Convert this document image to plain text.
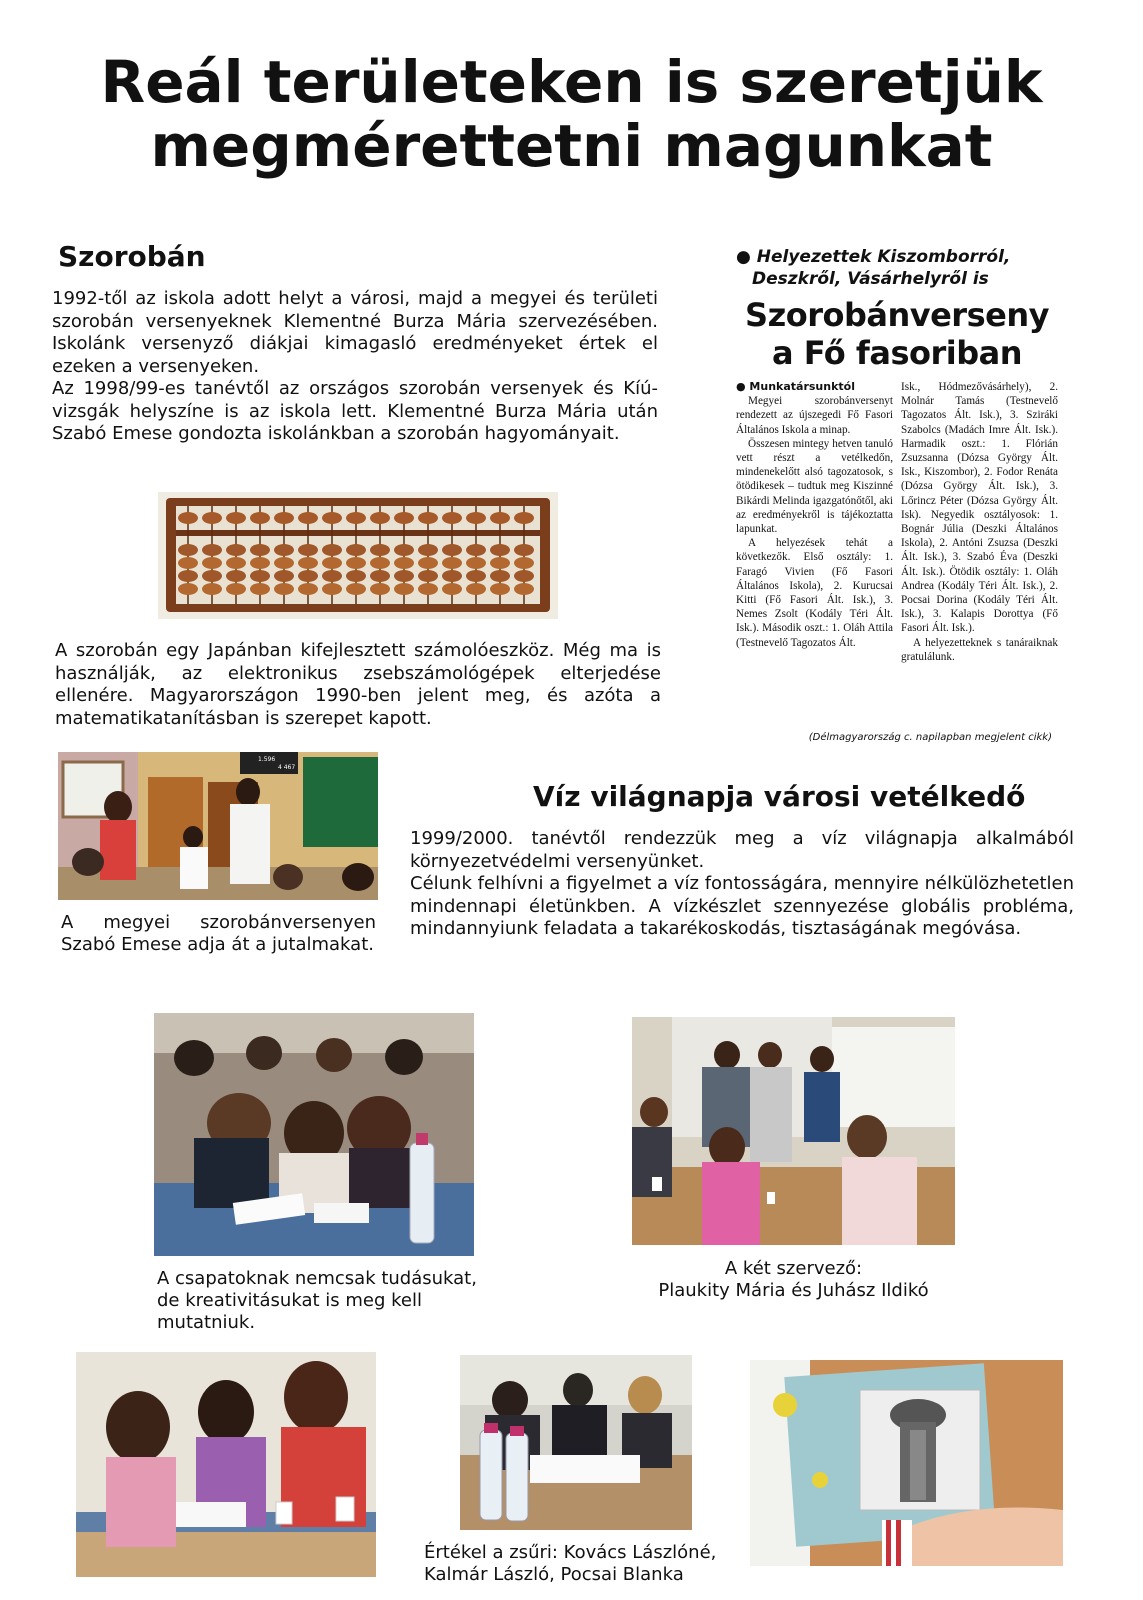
Reál területeken is szeretjük
megmérettetni magunkat
Szorobán

1992-től az iskola adott helyt a városi, majd a megyei és területi szorobán versenyeknek Klementné Burza Mária szervezésében. Iskolánk versenyző diákjai kimagasló eredményeket értek el ezeken a versenyeken.

Az 1998/99-es tanévtől az országos szorobán versenyek és Kíú-vizsgák helyszíne is az iskola lett. Klementné Burza Mária után Szabó Emese gondozta iskolánkban a szorobán hagyományait.

A szorobán egy Japánban kifejlesztett számolóeszköz. Még ma is használják, az elektronikus zsebszámológépek elterjedése ellenére. Magyarországon 1990-ben jelent meg, és azóta a matematikatanításban is szerepet kapott.
● Helyezettek Kiszomborról,
Deszkről, Vásárhelyről is
Szorobánverseny
a Fő fasoriban
● Munkatársunktól

Megyei szorobánversenyt rendezett az újszegedi Fő Fasori Általános Iskola a minap.

Összesen mintegy hetven tanuló vett részt a vetélkedőn, mindenekelőtt alsó tagozatosok, s ötödikesek – tudtuk meg Kiszinné Bikárdi Melinda igazgatónőtől, aki az eredményekről is tájékoztatta lapunkat.

A helyezések tehát a következők. Első osztály: 1. Faragó Vivien (Fő Fasori Általános Iskola), 2. Kurucsai Kitti (Fő Fasori Ált. Isk.), 3. Nemes Zsolt (Kodály Téri Ált. Isk.). Második oszt.: 1. Oláh Attila (Testnevelő Tagozatos Ált.

Isk., Hódmezővásárhely), 2. Molnár Tamás (Testnevelő Tagozatos Ált. Isk.), 3. Sziráki Szabolcs (Madách Imre Ált. Isk.). Harmadik oszt.: 1. Flórián Zsuzsanna (Dózsa György Ált. Isk., Kiszombor), 2. Fodor Renáta (Dózsa György Ált. Isk.), 3. Lőrincz Péter (Dózsa György Ált. Isk). Negyedik osztályosok: 1. Bognár Júlia (Deszki Általános Iskola), 2. Antóni Zsuzsa (Deszki Ált. Isk.), 3. Szabó Éva (Deszki Ált. Isk.). Ötödik osztály: 1. Oláh Andrea (Kodály Téri Ált. Isk.), 2. Pocsai Dorina (Kodály Téri Ált. Isk.), 3. Kalapis Dorottya (Fő Fasori Ált. Isk.).

A helyezetteknek s tanáraiknak gratulálunk.

(Délmagyarország c. napilapban megjelent cikk)
1.596
4 467
A megyei szorobánversenyen Szabó Emese adja át a jutalmakat.
Víz világnapja városi vetélkedő

1999/2000. tanévtől rendezzük meg a víz világnapja alkalmából környezetvédelmi versenyünket.

Célunk felhívni a figyelmet a víz fontosságára, mennyire nélkülözhetetlen mindennapi életünkben. A vízkészlet szennyezése globális probléma, mindannyiunk feladata a takarékoskodás, tisztaságának megóvása.

A csapatoknak nemcsak tudásukat, de kreativitásukat is meg kell mutatniuk.
A két szervező:
Plaukity Mária és Juhász Ildikó
Értékel a zsűri: Kovács Lászlóné,
Kalmár László, Pocsai Blanka
